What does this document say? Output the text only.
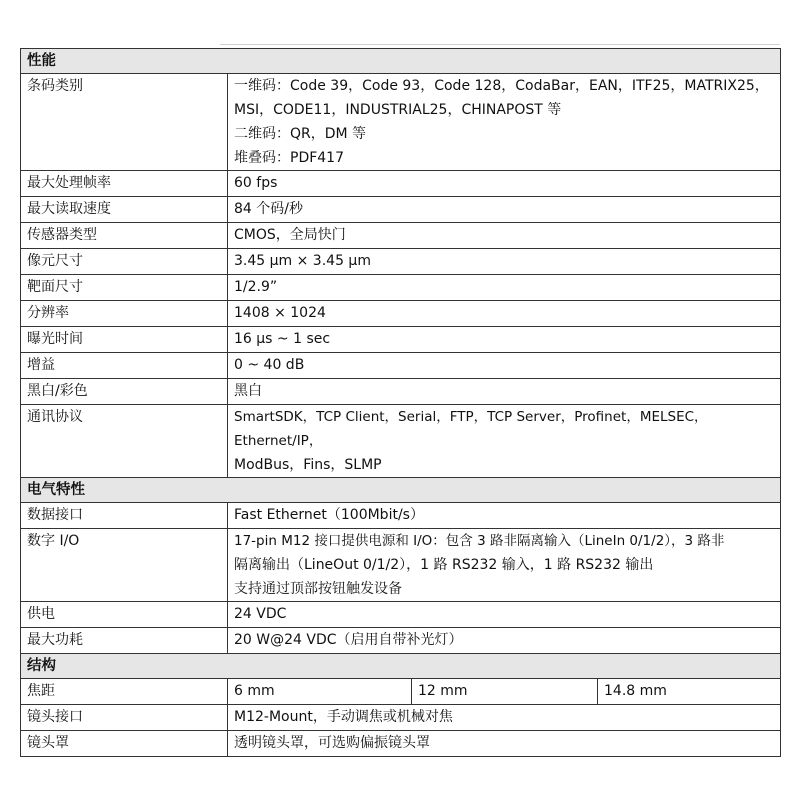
性能			
条码类别	一维码：Code 39，Code 93，Code 128，CodaBar，EAN，ITF25，MATRIX25，
MSI，CODE11，INDUSTRIAL25，CHINAPOST 等
二维码：QR，DM 等
堆叠码：PDF417		

最大处理帧率	60 fps		
最大读取速度	84 个码/秒		
传感器类型	CMOS，全局快门		
像元尺寸	3.45 µm × 3.45 µm		
靶面尺寸	1/2.9”		
分辨率	1408 × 1024		
曝光时间	16 µs ~ 1 sec		
增益	0 ~ 40 dB		
黑白/彩色	黑白		
通讯协议	SmartSDK，TCP Client，Serial，FTP，TCP Server，Profinet，MELSEC，Ethernet/IP，
ModBus，Fins，SLMP		

电气特性			
数据接口	Fast Ethernet（100Mbit/s）		
数字 I/O	17-pin M12 接口提供电源和 I/O：包含 3 路非隔离输入（LineIn 0/1/2），3 路非
隔离输出（LineOut 0/1/2），1 路 RS232 输入，1 路 RS232 输出
支持通过顶部按钮触发设备		

供电	24 VDC		
最大功耗	20 W@24 VDC（启用自带补光灯）		
结构			
焦距	6 mm	12 mm	14.8 mm
镜头接口	M12-Mount，手动调焦或机械对焦		
镜头罩	透明镜头罩，可选购偏振镜头罩		
